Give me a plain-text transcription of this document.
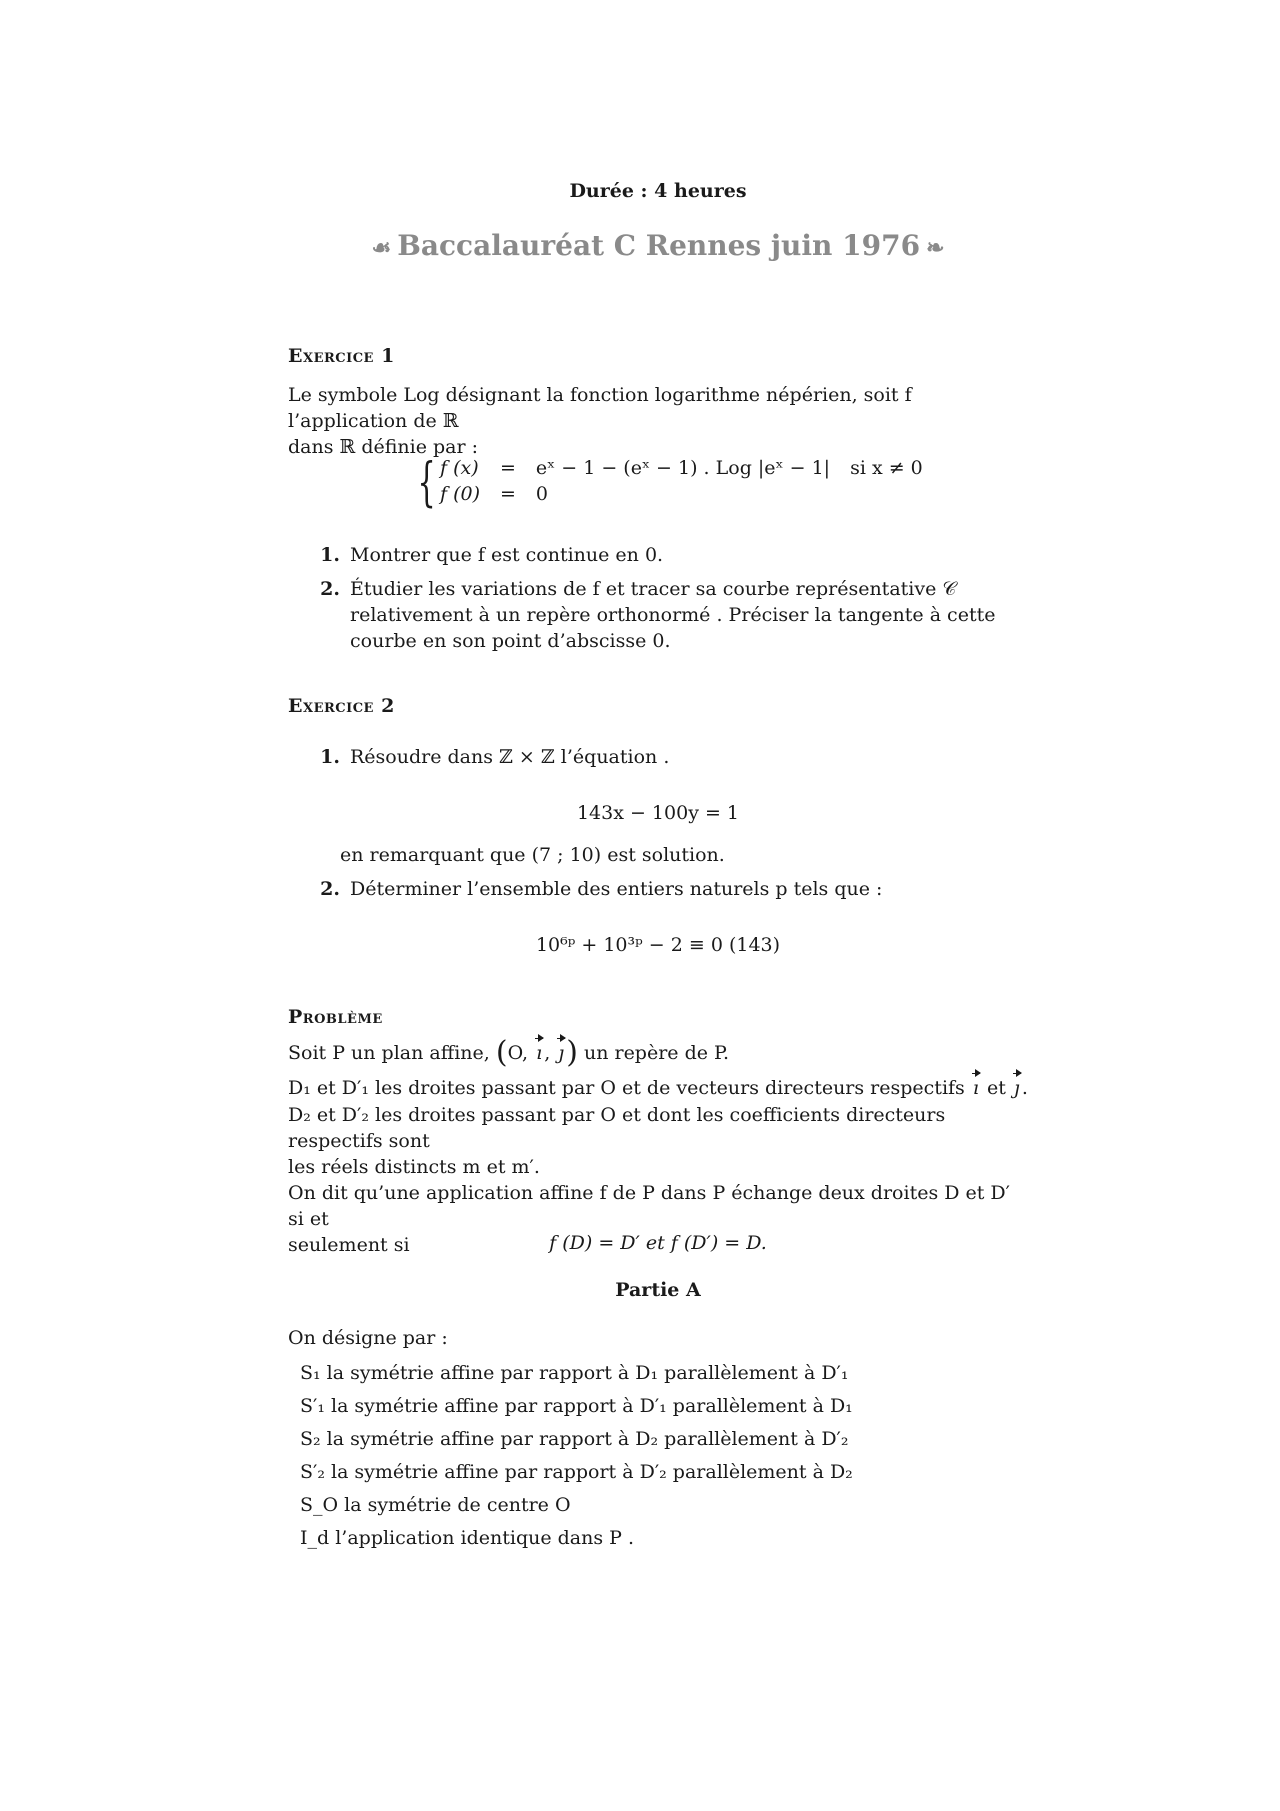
Durée : 4 heures
☙ Baccalauréat C Rennes juin 1976 ❧
Exercice 1

Le symbole Log désignant la fonction logarithme népérien, soit f l’application de ℝ

dans ℝ définie par :

{ f (x)	=	eˣ − 1 − (eˣ − 1) . Log |eˣ − 1|	si x ≠ 0
f (0)	=	0	
1. Montrer que f est continue en 0.
2. Étudier les variations de f et tracer sa courbe représentative 𝒞 relativement à un repère orthonormé . Préciser la tangente à cette courbe en son point d’abscisse 0.
Exercice 2
1. Résoudre dans ℤ × ℤ l’équation .
143x − 100y = 1
en remarquant que (7 ; 10) est solution.
2. Déterminer l’ensemble des entiers naturels p tels que :
10⁶ᵖ + 10³ᵖ − 2 ≡ 0 (143)
Problème
Soit P un plan affine, (O, ı , ȷ) un repère de P.
D₁ et D′₁ les droites passant par O et de vecteurs directeurs respectifs ı et ȷ .

D₂ et D′₂ les droites passant par O et dont les coefficients directeurs respectifs sont

les réels distincts m et m′.

On dit qu’une application affine f de P dans P échange deux droites D et D′ si et

seulement si	f (D) = D′ et f (D′) = D.
Partie A
On désigne par :
S₁ la symétrie affine par rapport à D₁ parallèlement à D′₁
S′₁ la symétrie affine par rapport à D′₁ parallèlement à D₁
S₂ la symétrie affine par rapport à D₂ parallèlement à D′₂
S′₂ la symétrie affine par rapport à D′₂ parallèlement à D₂
S_O la symétrie de centre O
I_d l’application identique dans P .
